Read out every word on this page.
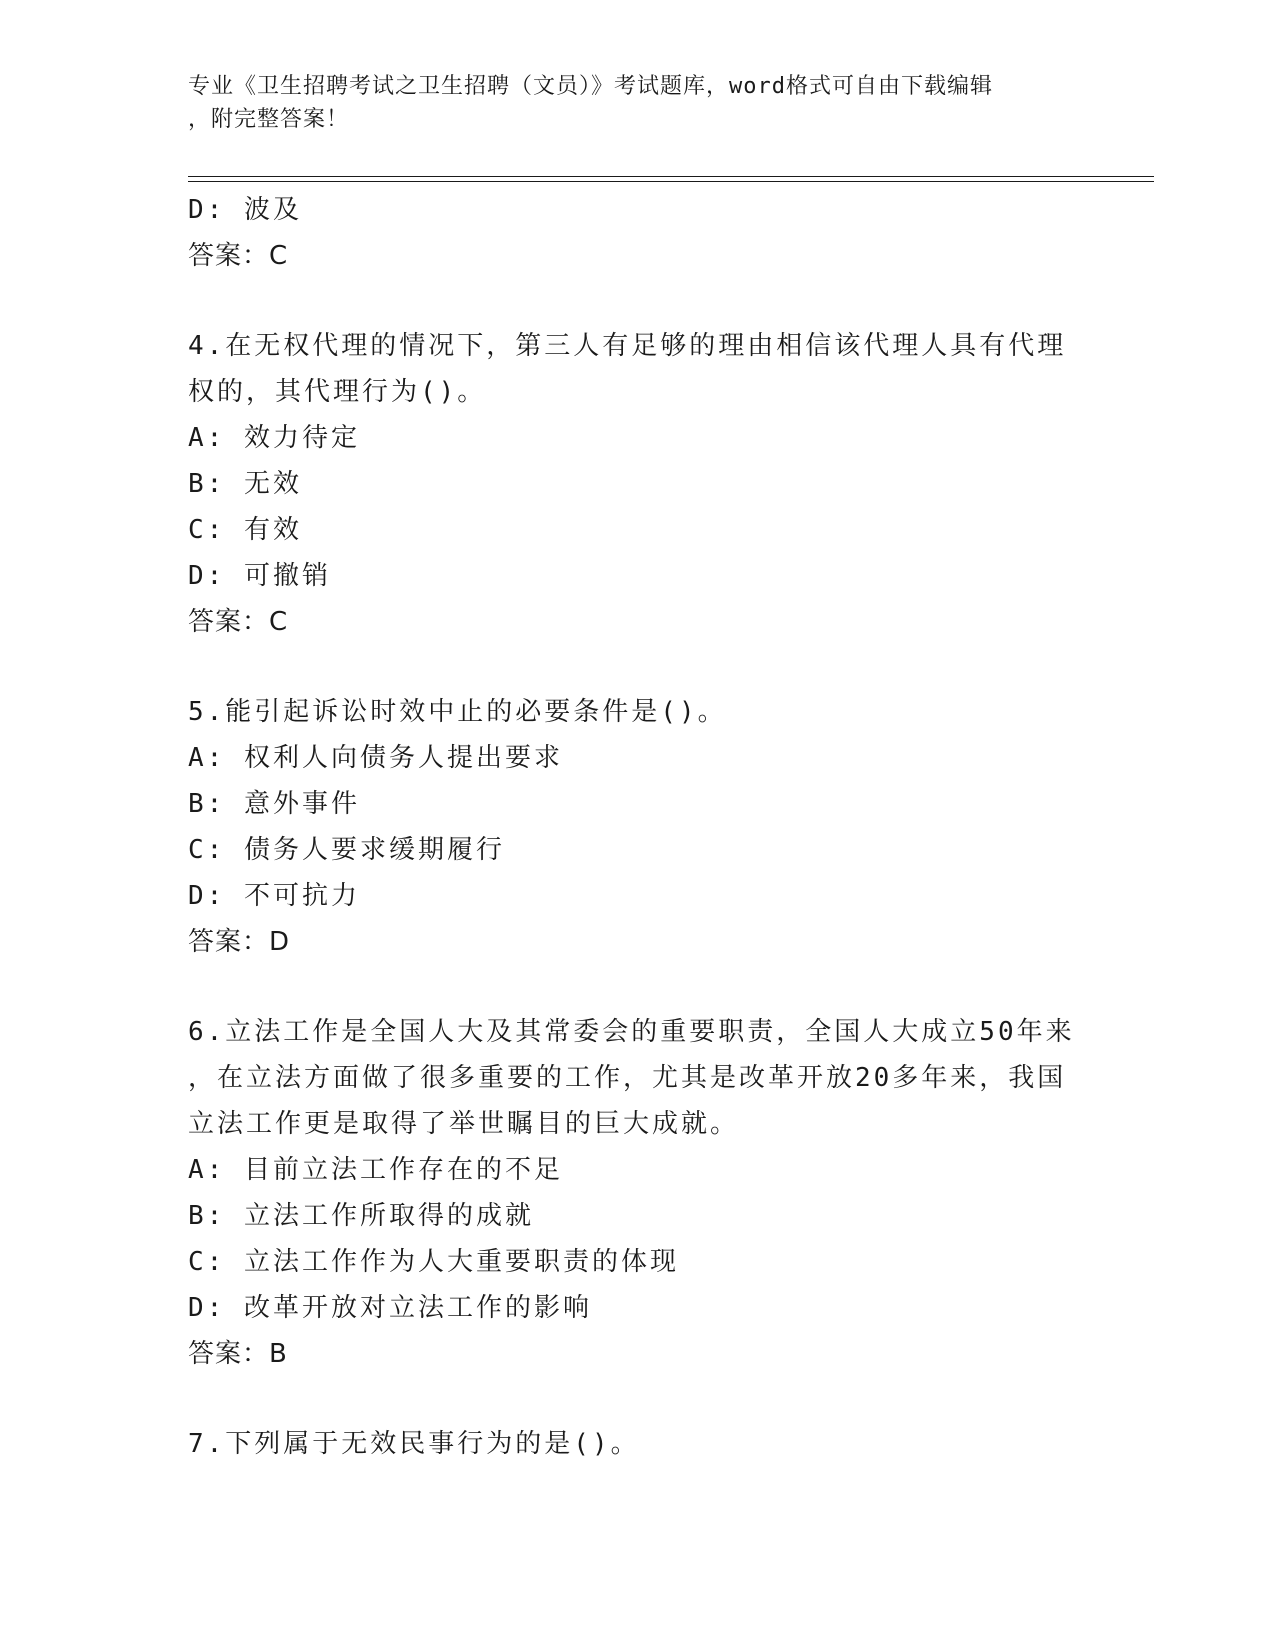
专业《卫生招聘考试之卫生招聘（文员）》考试题库，word格式可自由下载编辑
，附完整答案！
D: 波及
答案：C
4.在无权代理的情况下，第三人有足够的理由相信该代理人具有代理
权的，其代理行为()。
A: 效力待定
B: 无效
C: 有效
D: 可撤销
答案：C
5.能引起诉讼时效中止的必要条件是()。
A: 权利人向债务人提出要求
B: 意外事件
C: 债务人要求缓期履行
D: 不可抗力
答案：D
6.立法工作是全国人大及其常委会的重要职责，全国人大成立50年来
，在立法方面做了很多重要的工作，尤其是改革开放20多年来，我国
立法工作更是取得了举世瞩目的巨大成就。
A: 目前立法工作存在的不足
B: 立法工作所取得的成就
C: 立法工作作为人大重要职责的体现
D: 改革开放对立法工作的影响
答案：B
7.下列属于无效民事行为的是()。
